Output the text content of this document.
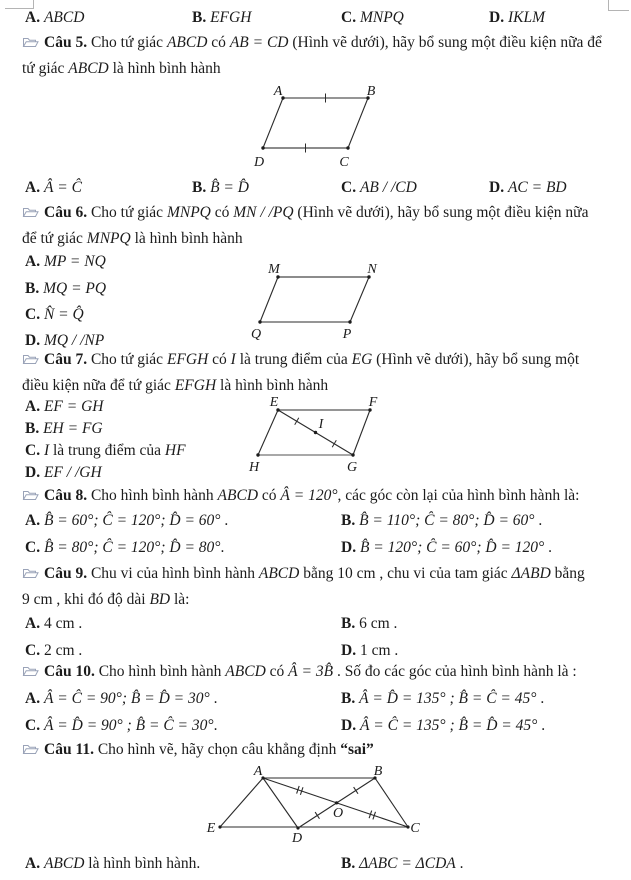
A. ABCD	B. EFGH	C. MNPQ	D. IKLM
Câu 5. Cho tứ giác ABCD có AB = CD (Hình vẽ dưới), hãy bổ sung một điều kiện nữa để
tứ giác ABCD là hình bình hành
A	B
D	C
A. Â = Ĉ	B. B̂ = D̂	C. AB / /CD	D. AC = BD
Câu 6. Cho tứ giác MNPQ có MN / /PQ (Hình vẽ dưới), hãy bổ sung một điều kiện nữa
để tứ giác MNPQ là hình bình hành
A. MP = NQ
B. MQ = PQ
C. N̂ = Q̂
D. MQ / /NP
M	N
Q	P
Câu 7. Cho tứ giác EFGH có I là trung điểm của EG (Hình vẽ dưới), hãy bổ sung một
điều kiện nữa để tứ giác EFGH là hình bình hành
A. EF = GH
B. EH = FG
C. I là trung điểm của HF
D. EF / /GH
E	F
H	G
I
Câu 8. Cho hình bình hành ABCD có Â = 120°, các góc còn lại của hình bình hành là:
A. B̂ = 60°; Ĉ = 120°; D̂ = 60° .	B. B̂ = 110°; Ĉ = 80°; D̂ = 60° .
C. B̂ = 80°; Ĉ = 120°; D̂ = 80°.	D. B̂ = 120°; Ĉ = 60°; D̂ = 120° .
Câu 9. Chu vi của hình bình hành ABCD bằng 10 cm , chu vi của tam giác ΔABD bằng
9 cm , khi đó độ dài BD là:
A. 4 cm .	B. 6 cm .
C. 2 cm .	D. 1 cm .
Câu 10. Cho hình bình hành ABCD có Â = 3B̂ . Số đo các góc của hình bình hành là :
A. Â = Ĉ = 90°; B̂ = D̂ = 30° .	B. Â = D̂ = 135° ; B̂ = Ĉ = 45° .
C. Â = D̂ = 90° ; B̂ = Ĉ = 30°.	D. Â = Ĉ = 135° ; B̂ = D̂ = 45° .
Câu 11. Cho hình vẽ, hãy chọn câu khẳng định “sai”
A	B
E
D
C
O
A. ABCD là hình bình hành.	B. ΔABC = ΔCDA .
